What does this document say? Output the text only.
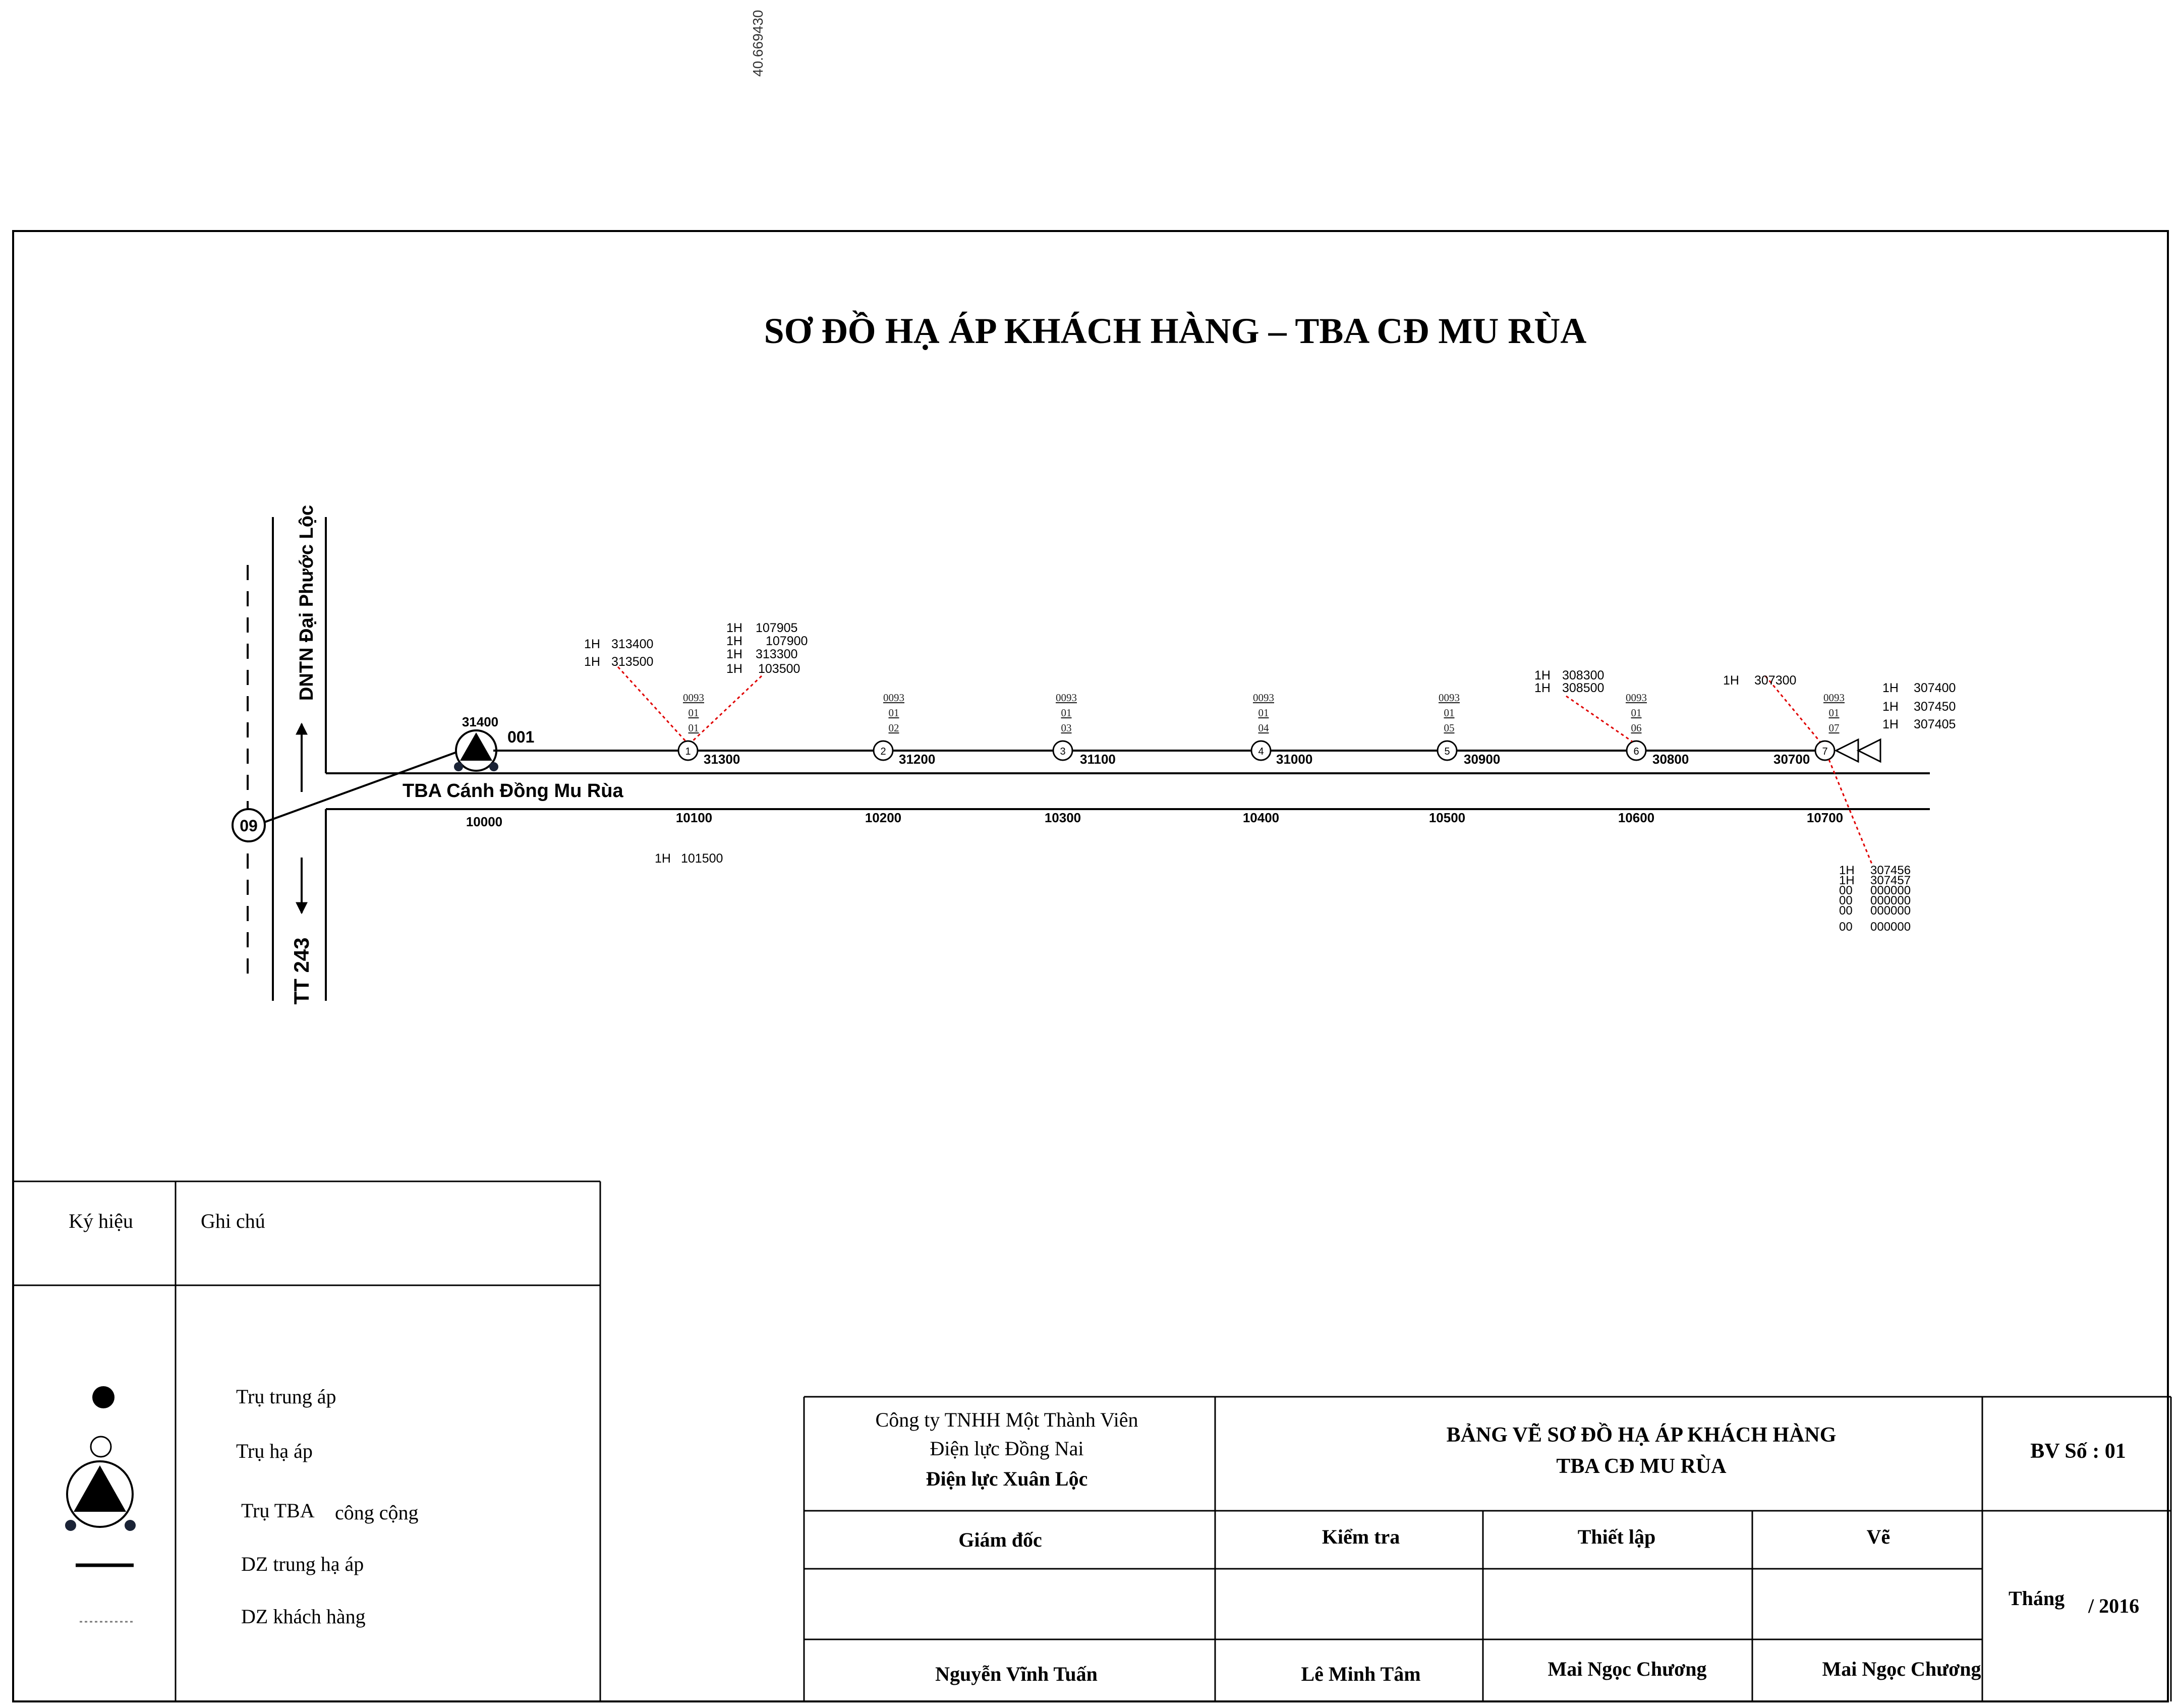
40.669430
SƠ ĐỒ HẠ ÁP KHÁCH HÀNG – TBA CĐ MU RÙA
DNTN Đại Phước Lộc
TT 243
09
31400
001
TBA Cánh Đồng Mu Rùa
10000
1	2	3	4	5	6	7
31300	31200	31100	31000	30900	30800	30700
10100	10200	10300	10400	10500	10600	10700
0093
01
01
0093
01
02
0093
01
03
0093
01
04
0093
01
05
0093
01
06
0093
01
07
1H 313400
1H 313500
1H 107905
1H 107900
1H 313300
1H 103500
1H 101500
1H 308300
1H 308500
1H 307300
1H 307400
1H 307450
1H 307405
1H 307456
1H 307457
00 000000
00 000000
00 000000
00 000000
Ký hiệu	Ghi chú
Trụ trung áp
Trụ hạ áp
Trụ TBA công cộng
DZ trung hạ áp
DZ khách hàng
Công ty TNHH Một Thành Viên
Điện lực Đồng Nai
Điện lực Xuân Lộc
BẢNG VẼ SƠ ĐỒ HẠ ÁP KHÁCH HÀNG
TBA CĐ MU RÙA
BV Số : 01
Giám đốc	Kiểm tra	Thiết lập	Vẽ
Nguyễn Vĩnh Tuấn	Lê Minh Tâm	Mai Ngọc Chương	Mai Ngọc Chương
Tháng / 2016
